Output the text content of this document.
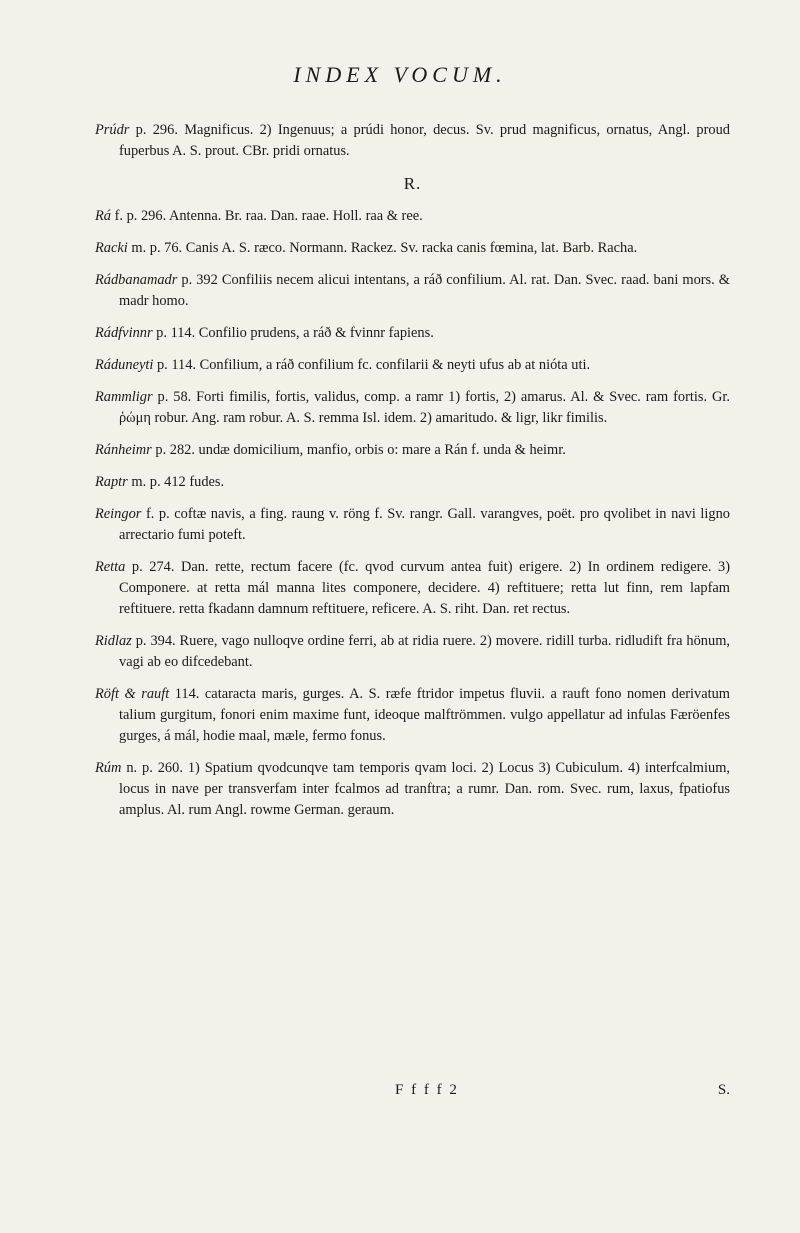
INDEX VOCUM.
Prúdr p. 296. Magnificus. 2) Ingenuus; a prúdi honor, decus. Sv. prud magnificus, ornatus, Angl. proud fuperbus A. S. prout. CBr. pridi ornatus.
R.
Rá f. p. 296. Antenna. Br. raa. Dan. raae. Holl. raa & ree.
Racki m. p. 76. Canis A. S. ræco. Normann. Rackez. Sv. racka canis fœmina, lat. Barb. Racha.
Rádbanamadr p. 392 Confiliis necem alicui intentans, a ráð confilium. Al. rat. Dan. Svec. raad. bani mors. & madr homo.
Rádfvinnr p. 114. Confilio prudens, a ráð & fvinnr fapiens.
Ráduneyti p. 114. Confilium, a ráð confilium fc. confilarii & neyti ufus ab at nióta uti.
Rammligr p. 58. Forti fimilis, fortis, validus, comp. a ramr 1) fortis, 2) amarus. Al. & Svec. ram fortis. Gr. ῥώμη robur. Ang. ram robur. A. S. remma Isl. idem. 2) amaritudo. & ligr, likr fimilis.
Ránheimr p. 282. undæ domicilium, manfio, orbis o: mare a Rán f. unda & heimr.
Raptr m. p. 412 fudes.
Reingor f. p. coftæ navis, a fing. raung v. röng f. Sv. rangr. Gall. varangves, poët. pro qvolibet in navi ligno arrectario fumi poteft.
Retta p. 274. Dan. rette, rectum facere (fc. qvod curvum antea fuit) erigere. 2) In ordinem redigere. 3) Componere. at retta mál manna lites componere, decidere. 4) reftituere; retta lut finn, rem lapfam reftituere. retta fkadann damnum reftituere, reficere. A. S. riht. Dan. ret rectus.
Ridlaz p. 394. Ruere, vago nulloqve ordine ferri, ab at ridia ruere. 2) movere. ridill turba. ridludift fra hönum, vagi ab eo difcedebant.
Röft & rauft 114. cataracta maris, gurges. A. S. ræfe ftridor impetus fluvii. a rauft fono nomen derivatum talium gurgitum, fonori enim maxime funt, ideoque malftrömmen. vulgo appellatur ad infulas Færöenfes gurges, á mál, hodie maal, mæle, fermo fonus.
Rúm n. p. 260. 1) Spatium qvodcunqve tam temporis qvam loci. 2) Locus 3) Cubiculum. 4) interfcalmium, locus in nave per transverfam inter fcalmos ad tranftra; a rumr. Dan. rom. Svec. rum, laxus, fpatiofus amplus. Al. rum Angl. rowme German. geraum.
F f f f 2	S.
